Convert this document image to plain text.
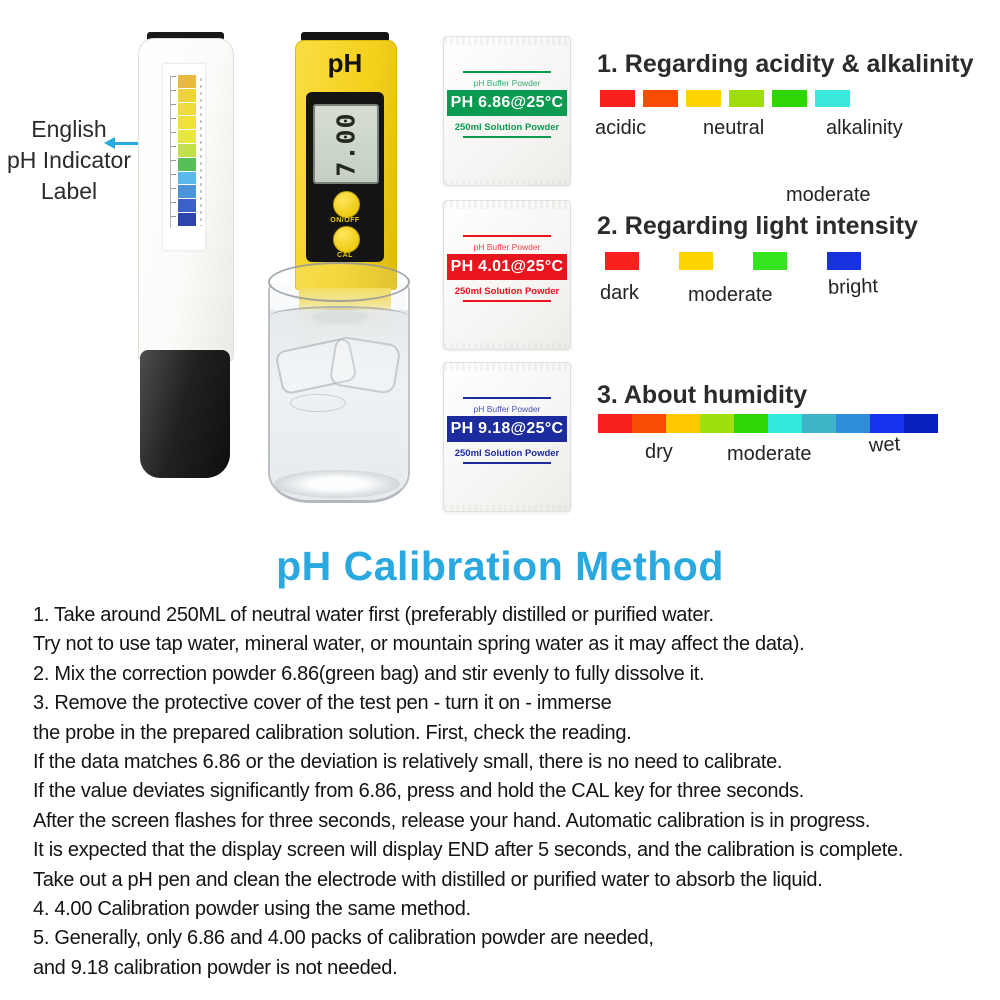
English
pH Indicator
Label
pH
7.00
ON/OFF
CAL
pH Buffer Powder
PH 6.86@25°C
250ml Solution Powder
pH Buffer Powder
PH 4.01@25°C
250ml Solution Powder
pH Buffer Powder
PH 9.18@25°C
250ml Solution Powder
1. Regarding acidity & alkalinity
acidic	neutral	alkalinity
moderate
2. Regarding light intensity
dark moderate	bright
3. About humidity
dry	moderate	wet
pH Calibration Method
1. Take around 250ML of neutral water first (preferably distilled or purified water.
Try not to use tap water, mineral water, or mountain spring water as it may affect the data).
2. Mix the correction powder 6.86(green bag) and stir evenly to fully dissolve it.
3. Remove the protective cover of the test pen - turn it on - immerse
the probe in the prepared calibration solution. First, check the reading.
If the data matches 6.86 or the deviation is relatively small, there is no need to calibrate.
If the value deviates significantly from 6.86, press and hold the CAL key for three seconds.
After the screen flashes for three seconds, release your hand. Automatic calibration is in progress.
It is expected that the display screen will display END after 5 seconds, and the calibration is complete.
Take out a pH pen and clean the electrode with distilled or purified water to absorb the liquid.
4. 4.00 Calibration powder using the same method.
5. Generally, only 6.86 and 4.00 packs of calibration powder are needed,
and 9.18 calibration powder is not needed.
